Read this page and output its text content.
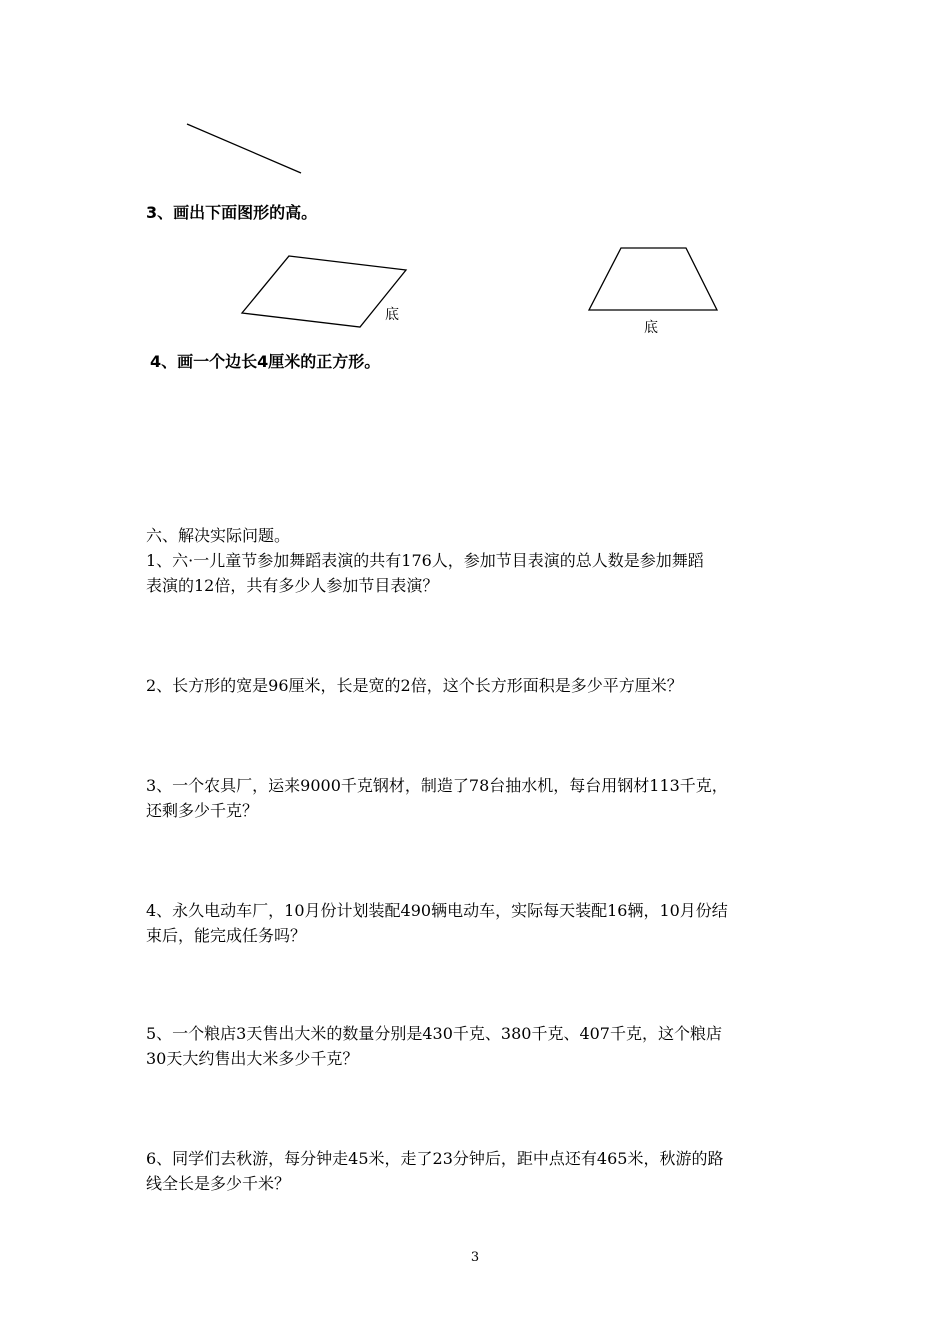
3、画出下面图形的高。
底
底
4、画一个边长4厘米的正方形。
六、解决实际问题。
1、六·一儿童节参加舞蹈表演的共有176人，参加节目表演的总人数是参加舞蹈
表演的12倍，共有多少人参加节目表演？
2、长方形的宽是96厘米，长是宽的2倍，这个长方形面积是多少平方厘米？
3、一个农具厂，运来9000千克钢材，制造了78台抽水机，每台用钢材113千克，
还剩多少千克？
4、永久电动车厂，10月份计划装配490辆电动车，实际每天装配16辆，10月份结
束后，能完成任务吗？
5、一个粮店3天售出大米的数量分别是430千克、380千克、407千克，这个粮店
30天大约售出大米多少千克？
6、同学们去秋游，每分钟走45米，走了23分钟后，距中点还有465米，秋游的路
线全长是多少千米？
3
